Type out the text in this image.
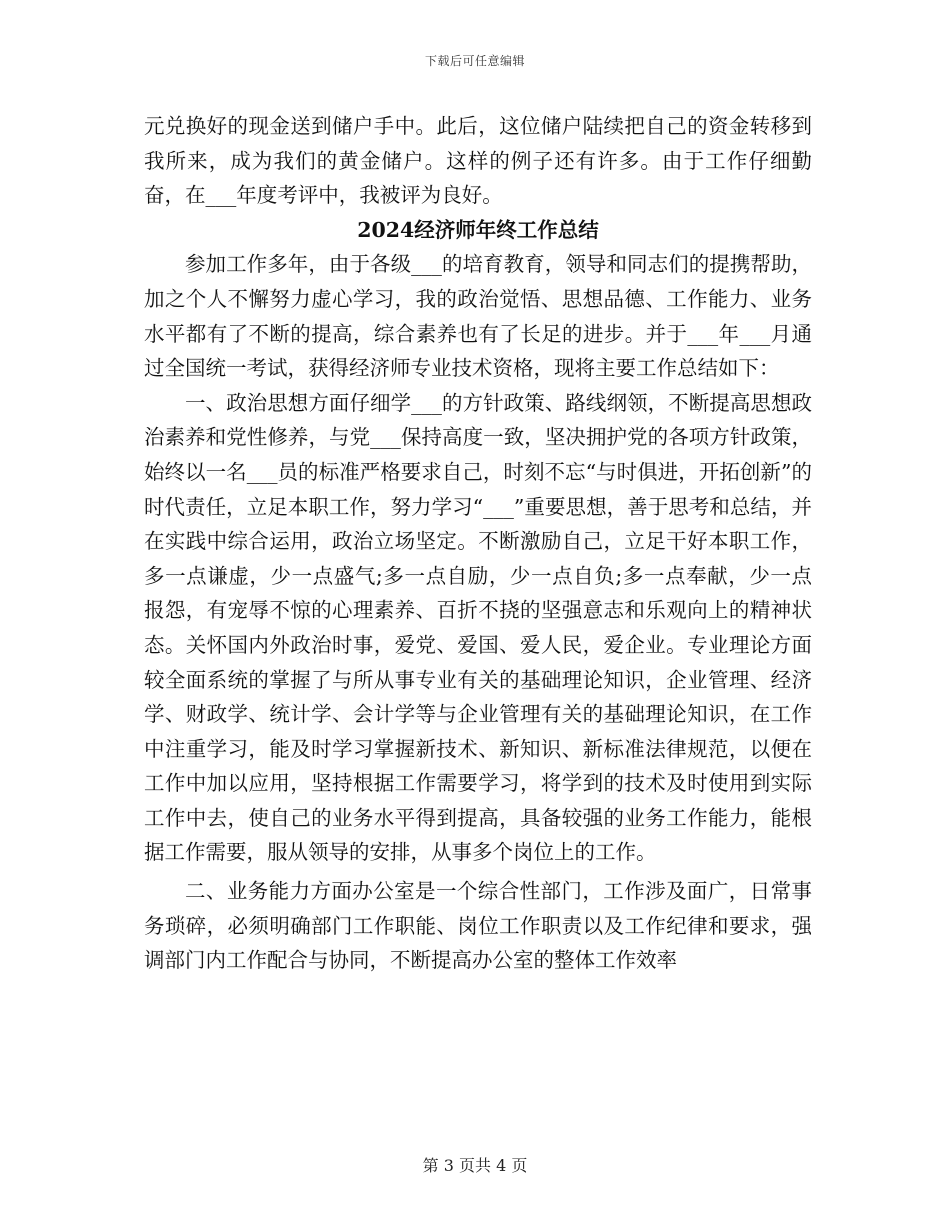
下载后可任意编辑

元兑换好的现金送到储户手中。此后，这位储户陆续把自己的资金转移到我所来，成为我们的黄金储户。这样的例子还有许多。由于工作仔细勤奋，在___年度考评中，我被评为良好。

2024经济师年终工作总结

参加工作多年，由于各级___的培育教育，领导和同志们的提携帮助，加之个人不懈努力虚心学习，我的政治觉悟、思想品德、工作能力、业务水平都有了不断的提高，综合素养也有了长足的进步。并于___年___月通过全国统一考试，获得经济师专业技术资格，现将主要工作总结如下：

一、政治思想方面仔细学___的方针政策、路线纲领，不断提高思想政治素养和党性修养，与党___保持高度一致，坚决拥护党的各项方针政策，始终以一名___员的标准严格要求自己，时刻不忘“与时俱进，开拓创新”的时代责任，立足本职工作，努力学习“___”重要思想，善于思考和总结，并在实践中综合运用，政治立场坚定。不断激励自己，立足干好本职工作，多一点谦虚，少一点盛气;多一点自励，少一点自负;多一点奉献，少一点报怨，有宠辱不惊的心理素养、百折不挠的坚强意志和乐观向上的精神状态。关怀国内外政治时事，爱党、爱国、爱人民，爱企业。专业理论方面较全面系统的掌握了与所从事专业有关的基础理论知识，企业管理、经济学、财政学、统计学、会计学等与企业管理有关的基础理论知识，在工作中注重学习，能及时学习掌握新技术、新知识、新标准法律规范，以便在工作中加以应用，坚持根据工作需要学习，将学到的技术及时使用到实际工作中去，使自己的业务水平得到提高，具备较强的业务工作能力，能根据工作需要，服从领导的安排，从事多个岗位上的工作。

二、业务能力方面办公室是一个综合性部门，工作涉及面广，日常事务琐碎，必须明确部门工作职能、岗位工作职责以及工作纪律和要求，强调部门内工作配合与协同，不断提高办公室的整体工作效率

第 3 页共 4 页
